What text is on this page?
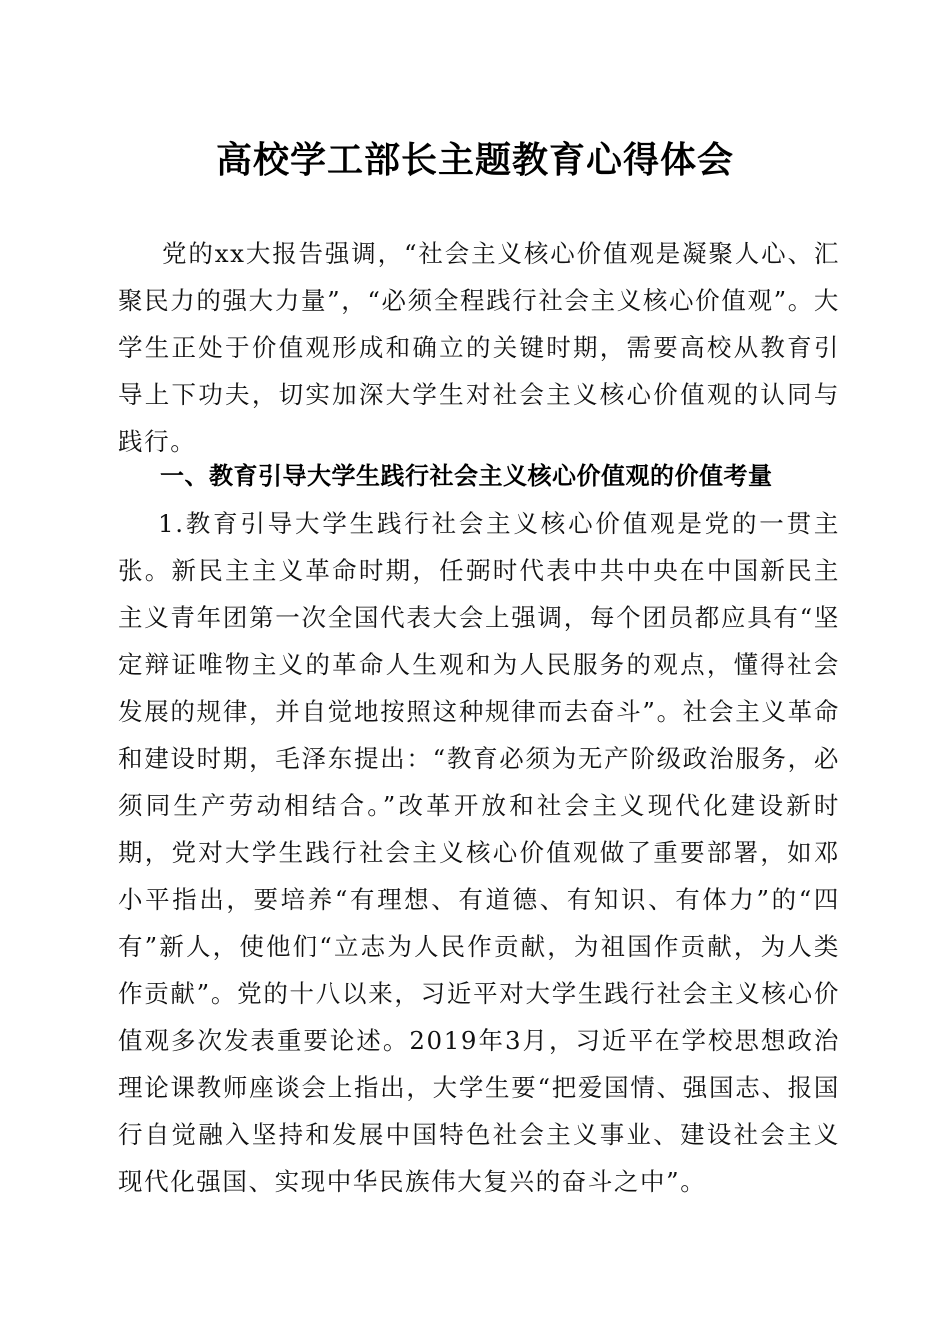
高校学工部长主题教育心得体会

党的xx大报告强调，“社会主义核心价值观是凝聚人心、汇聚民力的强大力量”，“必须全程践行社会主义核心价值观”。大学生正处于价值观形成和确立的关键时期，需要高校从教育引导上下功夫，切实加深大学生对社会主义核心价值观的认同与践行。

一、教育引导大学生践行社会主义核心价值观的价值考量

1.教育引导大学生践行社会主义核心价值观是党的一贯主张。新民主主义革命时期，任弼时代表中共中央在中国新民主主义青年团第一次全国代表大会上强调，每个团员都应具有“坚定辩证唯物主义的革命人生观和为人民服务的观点，懂得社会发展的规律，并自觉地按照这种规律而去奋斗”。社会主义革命和建设时期，毛泽东提出：“教育必须为无产阶级政治服务，必须同生产劳动相结合。”改革开放和社会主义现代化建设新时期，党对大学生践行社会主义核心价值观做了重要部署，如邓小平指出，要培养“有理想、有道德、有知识、有体力”的“四有”新人，使他们“立志为人民作贡献，为祖国作贡献，为人类作贡献”。党的十八以来，习近平对大学生践行社会主义核心价值观多次发表重要论述。2019年3月，习近平在学校思想政治理论课教师座谈会上指出，大学生要“把爱国情、强国志、报国行自觉融入坚持和发展中国特色社会主义事业、建设社会主义现代化强国、实现中华民族伟大复兴的奋斗之中”。
